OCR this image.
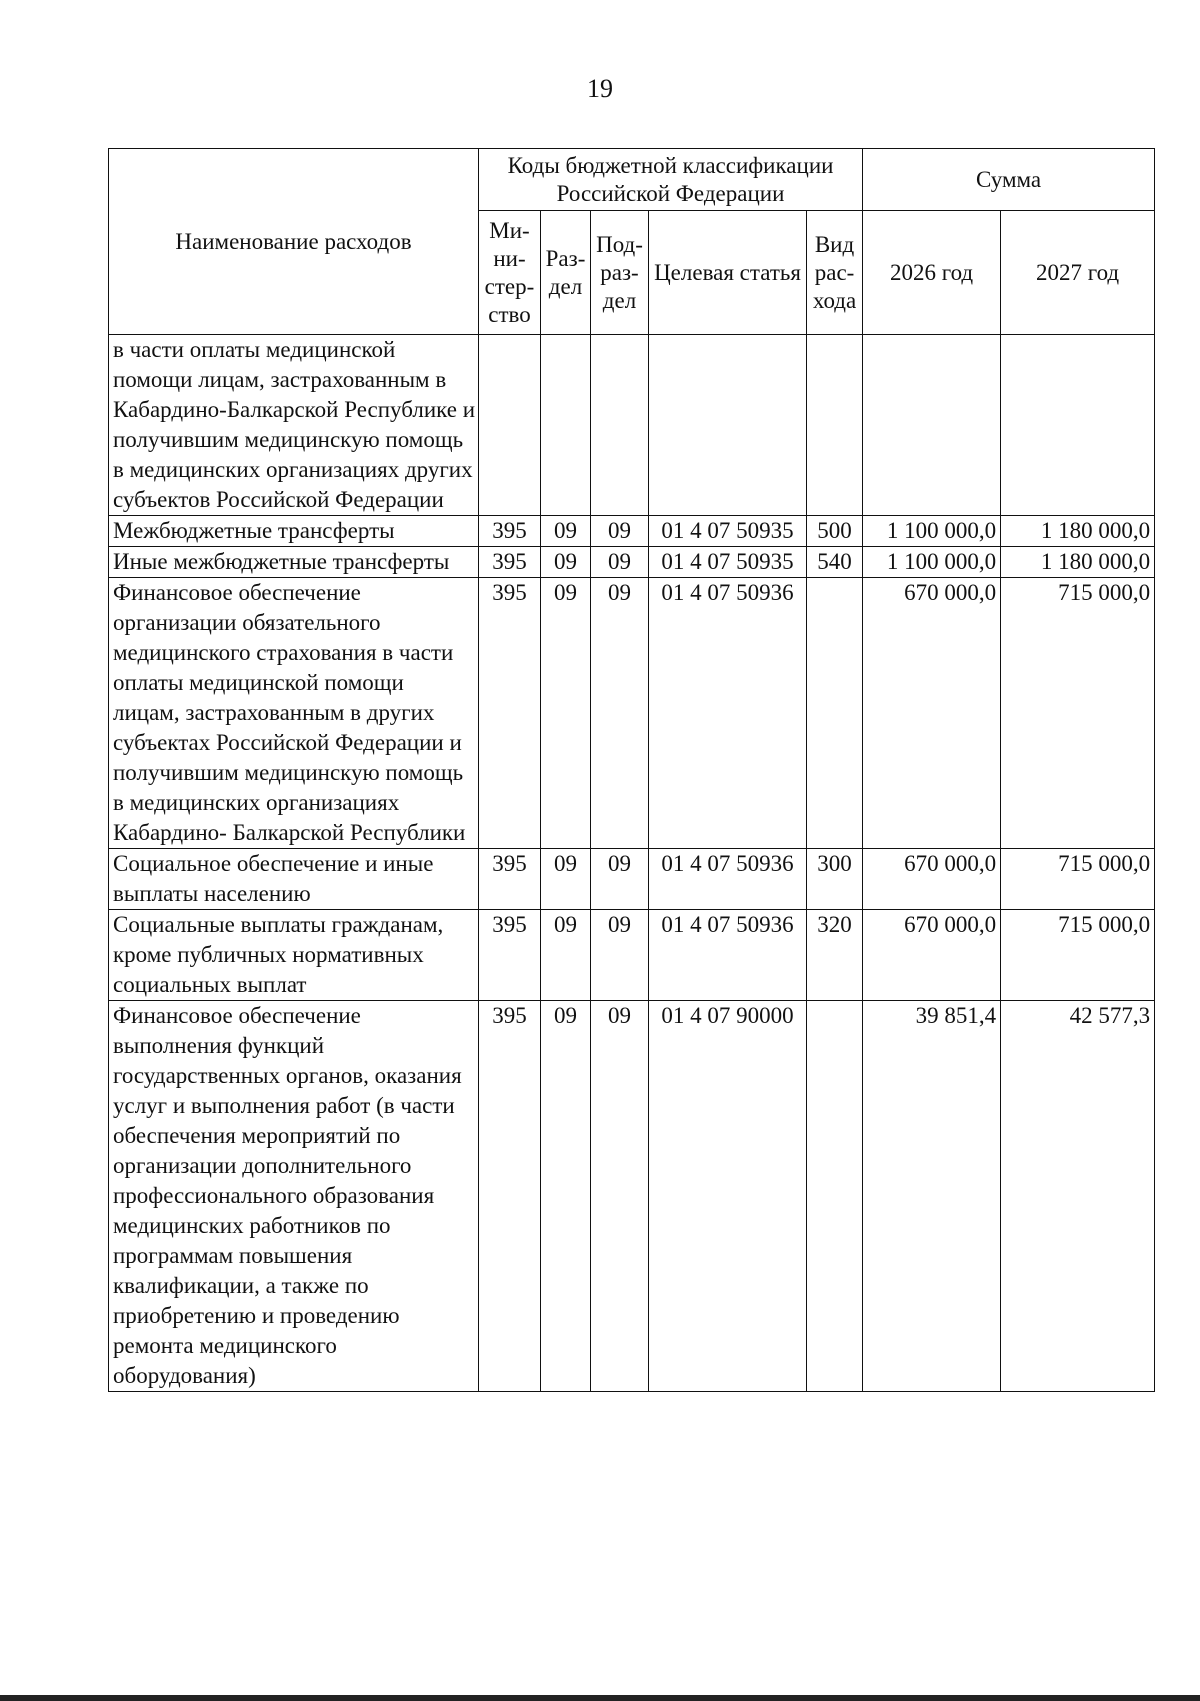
19
Наименование расходов	Коды бюджетной классификации Российской Федерации					Сумма	
	Ми- ни- стер- ство	Раз- дел	Под- раз- дел	Целевая статья	Вид рас- хода	2026 год	2027 год
в части оплаты медицинской помощи лицам, застрахованным в Кабардино-Балкарской Республике и получившим медицинскую помощь в медицинских организациях других субъектов Российской Федерации							
Межбюджетные трансферты	395	09	09	01 4 07 50935	500	1 100 000,0	1 180 000,0
Иные межбюджетные трансферты	395	09	09	01 4 07 50935	540	1 100 000,0	1 180 000,0
Финансовое обеспечение организации обязательного медицинского страхования в части оплаты медицинской помощи лицам, застрахованным в других субъектах Российской Федерации и получившим медицинскую помощь в медицинских организациях Кабардино- Балкарской Республики	395	09	09	01 4 07 50936		670 000,0	715 000,0
Социальное обеспечение и иные выплаты населению	395	09	09	01 4 07 50936	300	670 000,0	715 000,0
Социальные выплаты гражданам, кроме публичных нормативных социальных выплат	395	09	09	01 4 07 50936	320	670 000,0	715 000,0
Финансовое обеспечение выполнения функций государственных органов, оказания услуг и выполнения работ (в части обеспечения мероприятий по организации дополнительного профессионального образования медицинских работников по программам повышения квалификации, а также по приобретению и проведению ремонта медицинского оборудования)	395	09	09	01 4 07 90000		39 851,4	42 577,3
